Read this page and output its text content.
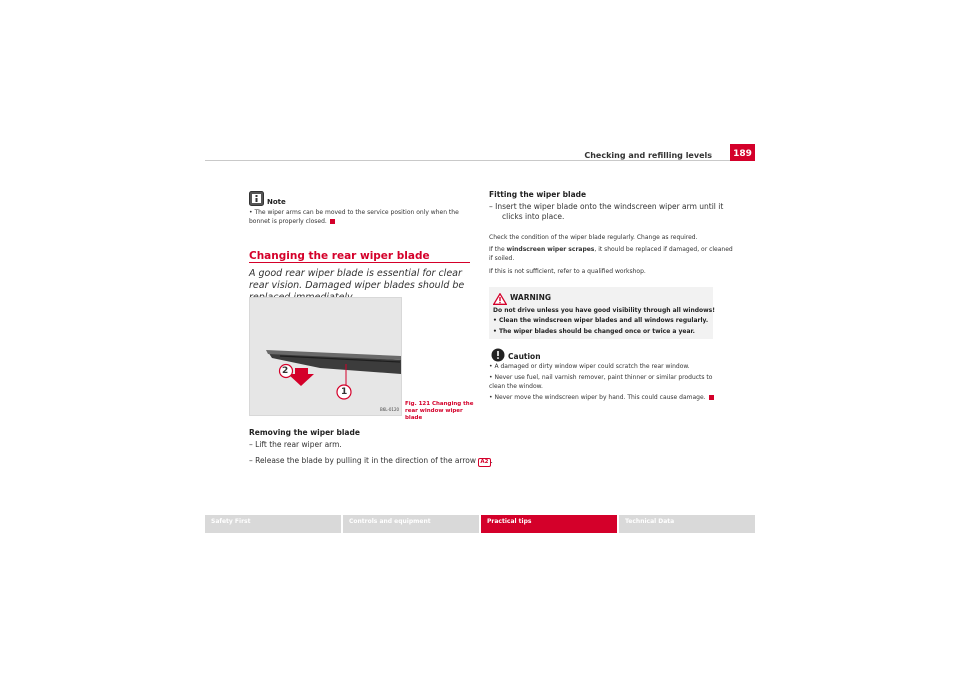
Checking and refilling levels	189
Note
• The wiper arms can be moved to the service position only when the bonnet is properly closed.
Changing the rear wiper blade
A good rear wiper blade is essential for clear rear vision. Damaged wiper blades should be
2
1
B6L-0120
Fig. 121 Changing the rear window wiper blade
Removing the wiper blade
– Lift the rear wiper arm.
– Release the blade by pulling it in the direction of the arrow A2 .
Fitting the wiper blade
– Insert the wiper blade onto the windscreen wiper arm until it
clicks into place.
Check the condition of the wiper blade regularly. Change as required.
If the windscreen wiper scrapes, it should be replaced if damaged, or cleaned
if soiled.
If this is not sufficient, refer to a qualified workshop.
WARNING
Do not drive unless you have good visibility through all windows!
• Clean the windscreen wiper blades and all windows regularly.
• The wiper blades should be changed once or twice a year.
Caution
• A damaged or dirty window wiper could scratch the rear window.
• Never use fuel, nail varnish remover, paint thinner or similar products to
clean the window.
• Never move the windscreen wiper by hand. This could cause damage.
Safety First	Controls and equipment	Practical tips	Technical Data
